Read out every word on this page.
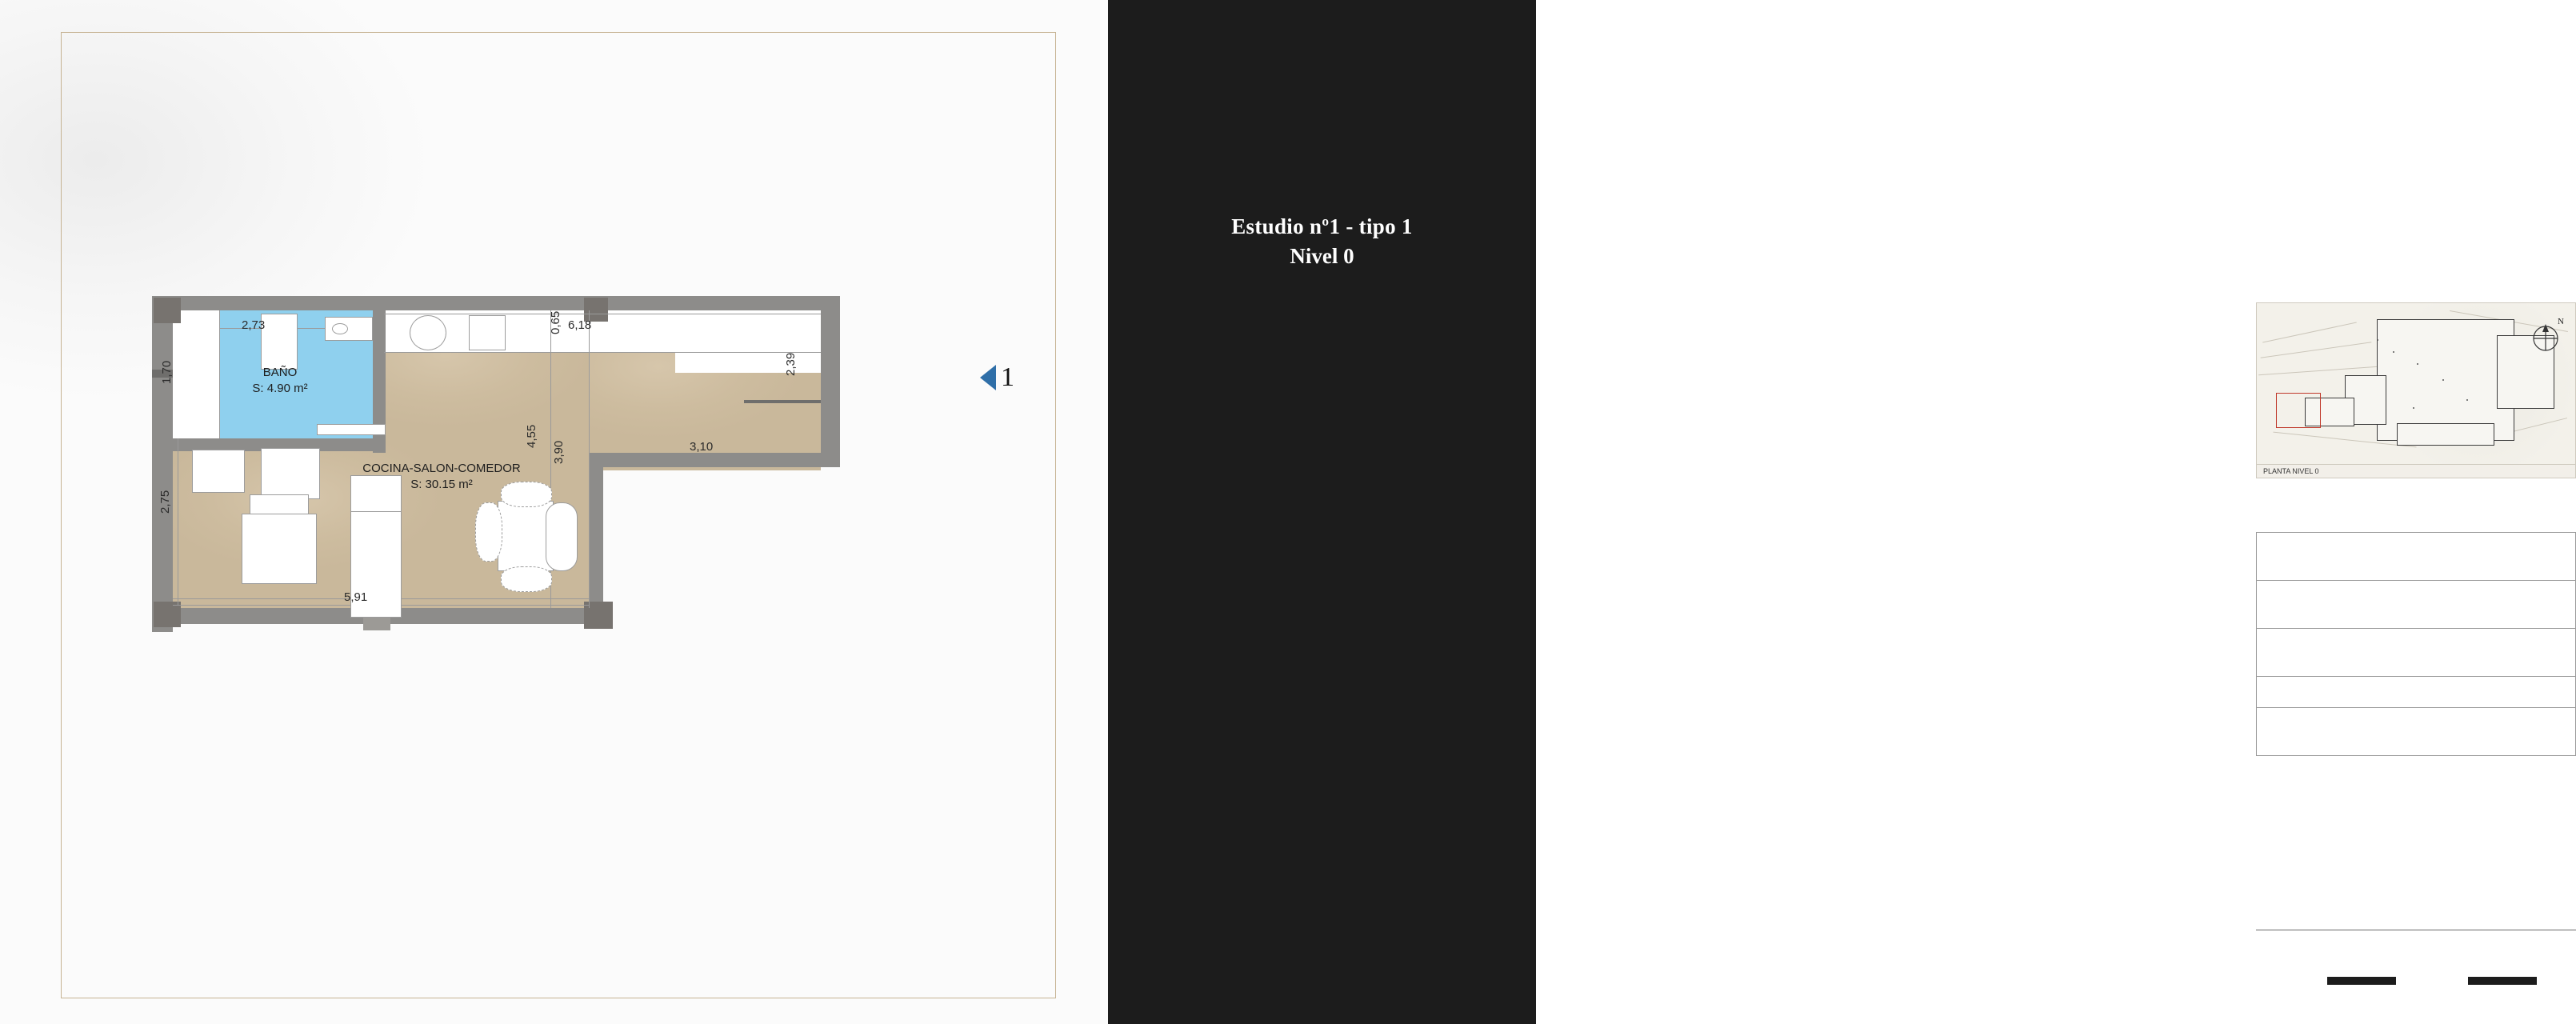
2,73
1,70
6,18
0,65
2,39
3,10
4,55
3,90
2,75
5,91
BAÑO
S: 4.90 m²
COCINA-SALON-COMEDOR
S: 30.15 m²
1
Estudio nº1 - tipo 1
Nivel 0
N
PLANTA NIVEL 0
Superficie útil interior (100%) + exterior (50%)
35,05 m²
Superficie construida interior + exterior cubierto
40,90 m²
Superficie construida cubierta + zona común
49,79 m²
Superficie útil Decreto Boja 218/2005	35,05m²
Superficie construida Decreto Boja 218/2005
49,79 m²
0	1	2	3	3,5 m
